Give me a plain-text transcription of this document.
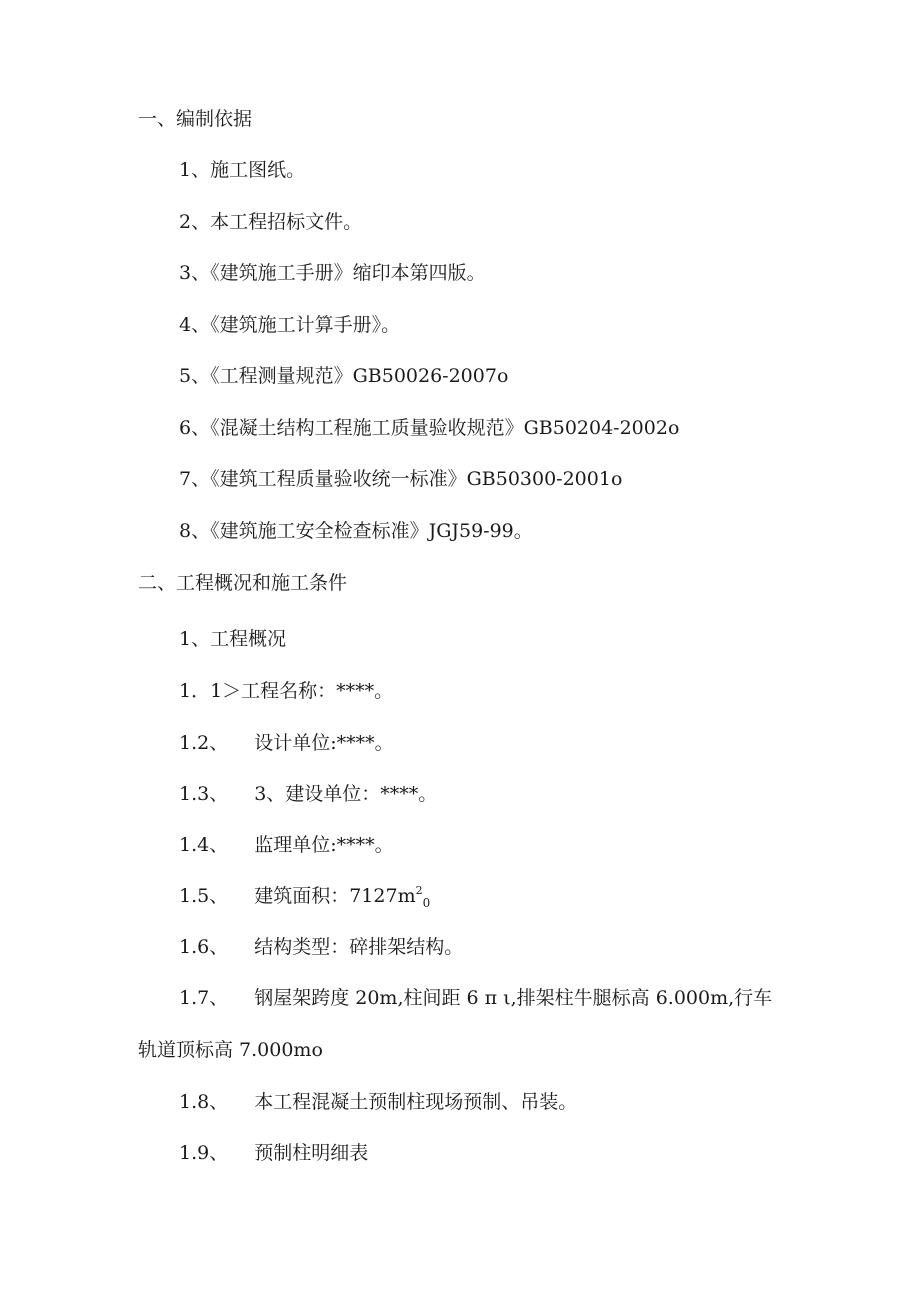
一、编制依据
1、施工图纸。
2、本工程招标文件。
3、《建筑施工手册》缩印本第四版。
4、《建筑施工计算手册》。
5、《工程测量规范》GB50026-2007o
6、《混凝土结构工程施工质量验收规范》GB50204-2002o
7、《建筑工程质量验收统一标准》GB50300-2001o
8、《建筑施工安全检查标准》JGJ59-99。
二、工程概况和施工条件
1、工程概况
1．1＞工程名称：****。
1.2、 设计单位:****。
1.3、 3、建设单位：****。
1.4、 监理单位:****。
1.5、 建筑面积：$7127m^2_0$
1.6、 结构类型：碎排架结构。
1.7、 钢屋架跨度 20m,柱间距 6 π ι,排架柱牛腿标高 6.000m,行车
轨道顶标高 7.000mo
1.8、 本工程混凝土预制柱现场预制、吊装。
1.9、 预制柱明细表
